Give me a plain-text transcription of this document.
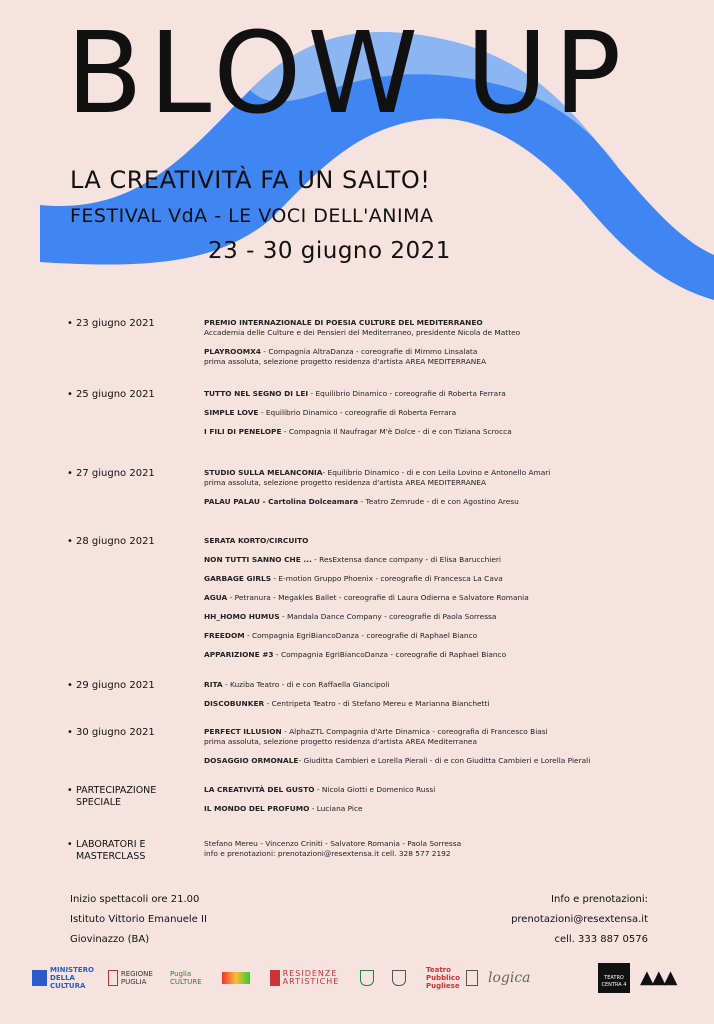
BLOW UP
LA CREATIVITÀ FA UN SALTO!
FESTIVAL VdA - LE VOCI DELL'ANIMA
23 - 30 giugno 2021
• 23 giugno 2021	PREMIO INTERNAZIONALE DI POESIA CULTURE DEL MEDITERRANEO
Accademia delle Culture e dei Pensieri del Mediterraneo, presidente Nicola de Matteo
PLAYROOMX4 - Compagnia AltraDanza - coreografie di Mimmo Linsalata
prima assoluta, selezione progetto residenza d'artista AREA MEDITERRANEA
• 25 giugno 2021	TUTTO NEL SEGNO DI LEI - Equilibrio Dinamico - coreografie di Roberta Ferrara
SIMPLE LOVE - Equilibrio Dinamico - coreografie di Roberta Ferrara
I FILI DI PENELOPE - Compagnia Il Naufragar M'è Dolce - di e con Tiziana Scrocca
• 27 giugno 2021	STUDIO SULLA MELANCONIA- Equilibrio Dinamico - di e con Leila Lovino e Antonello Amari
prima assoluta, selezione progetto residenza d'artista AREA MEDITERRANEA
PALAU PALAU - Cartolina Dolceamara - Teatro Zemrude - di e con Agostino Aresu
• 28 giugno 2021	SERATA KORTO/CIRCUITO
NON TUTTI SANNO CHE ... - ResExtensa dance company - di Elisa Barucchieri
GARBAGE GIRLS - E-motion Gruppo Phoenix - coreografie di Francesca La Cava
AGUA - Petranura - Megakles Ballet - coreografie di Laura Odierna e Salvatore Romania
HH_HOMO HUMUS - Mandala Dance Company - coreografie di Paola Sorressa
FREEDOM - Compagnia EgriBiancoDanza - coreografie di Raphael Bianco
APPARIZIONE #3 - Compagnia EgriBiancoDanza - coreografie di Raphael Bianco
• 29 giugno 2021	RITA - Kuziba Teatro - di e con Raffaella Giancipoli
DISCOBUNKER - Centripeta Teatro - di Stefano Mereu e Marianna Bianchetti
• 30 giugno 2021	PERFECT ILLUSION - AlphaZTL Compagnia d'Arte Dinamica - coreografia di Francesco Biasi
prima assoluta, selezione progetto residenza d'artista AREA Mediterranea
DOSAGGIO ORMONALE- Giuditta Cambieri e Lorella Pierali - di e con Giuditta Cambieri e Lorella Pierali
• PARTECIPAZIONE SPECIALE
LA CREATIVITÀ DEL GUSTO - Nicola Giotti e Domenico Russi
IL MONDO DEL PROFUMO - Luciana Pice
• LABORATORI E MASTERCLASS
Stefano Mereu - Vincenzo Criniti - Salvatore Romania - Paola Sorressa
info e prenotazioni: prenotazioni@resextensa.it cell. 328 577 2192
Inizio spettacoli ore 21.00
Istituto Vittorio Emanuele II
Giovinazzo (BA)
Info e prenotazioni:
prenotazioni@resextensa.it
cell. 333 887 0576
MINISTERO DELLA CULTURA
REGIONE PUGLIA
Puglia CULTURE
RESIDENZE ARTISTICHE
Teatro Pubblico Pugliese	logica	TEATRO CENTRA 4 ▲▲▲
